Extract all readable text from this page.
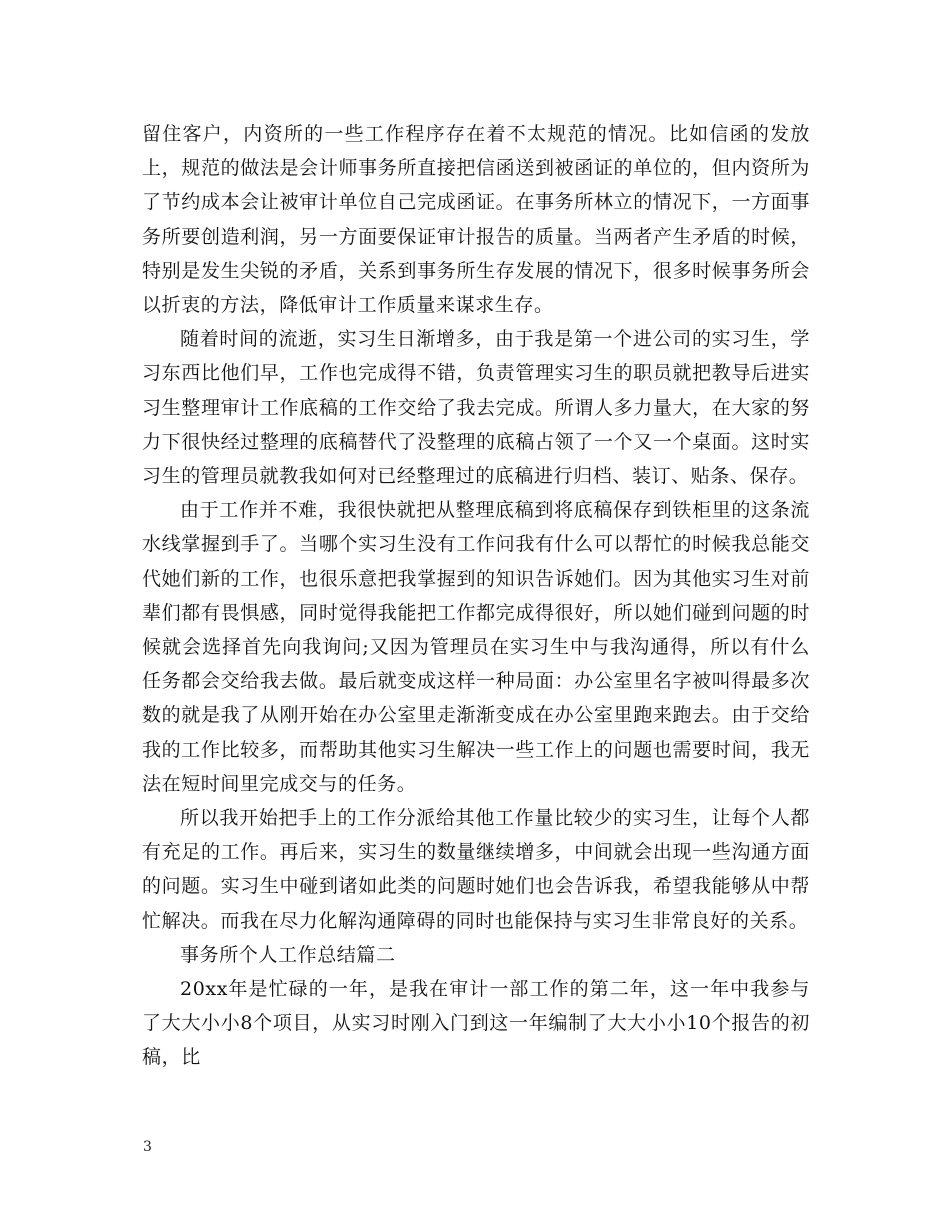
留住客户，内资所的一些工作程序存在着不太规范的情况。比如信函的发放上，规范的做法是会计师事务所直接把信函送到被函证的单位的，但内资所为了节约成本会让被审计单位自己完成函证。在事务所林立的情况下，一方面事务所要创造利润，另一方面要保证审计报告的质量。当两者产生矛盾的时候，特别是发生尖锐的矛盾，关系到事务所生存发展的情况下，很多时候事务所会以折衷的方法，降低审计工作质量来谋求生存。

随着时间的流逝，实习生日渐增多，由于我是第一个进公司的实习生，学习东西比他们早，工作也完成得不错，负责管理实习生的职员就把教导后进实习生整理审计工作底稿的工作交给了我去完成。所谓人多力量大，在大家的努力下很快经过整理的底稿替代了没整理的底稿占领了一个又一个桌面。这时实习生的管理员就教我如何对已经整理过的底稿进行归档、装订、贴条、保存。

由于工作并不难，我很快就把从整理底稿到将底稿保存到铁柜里的这条流水线掌握到手了。当哪个实习生没有工作问我有什么可以帮忙的时候我总能交代她们新的工作，也很乐意把我掌握到的知识告诉她们。因为其他实习生对前辈们都有畏惧感，同时觉得我能把工作都完成得很好，所以她们碰到问题的时候就会选择首先向我询问;又因为管理员在实习生中与我沟通得，所以有什么任务都会交给我去做。最后就变成这样一种局面：办公室里名字被叫得最多次数的就是我了从刚开始在办公室里走渐渐变成在办公室里跑来跑去。由于交给我的工作比较多，而帮助其他实习生解决一些工作上的问题也需要时间，我无法在短时间里完成交与的任务。

所以我开始把手上的工作分派给其他工作量比较少的实习生，让每个人都有充足的工作。再后来，实习生的数量继续增多，中间就会出现一些沟通方面的问题。实习生中碰到诸如此类的问题时她们也会告诉我，希望我能够从中帮忙解决。而我在尽力化解沟通障碍的同时也能保持与实习生非常良好的关系。

事务所个人工作总结篇二

20xx年是忙碌的一年，是我在审计一部工作的第二年，这一年中我参与了大大小小8个项目，从实习时刚入门到这一年编制了大大小小10个报告的初稿，比

3
